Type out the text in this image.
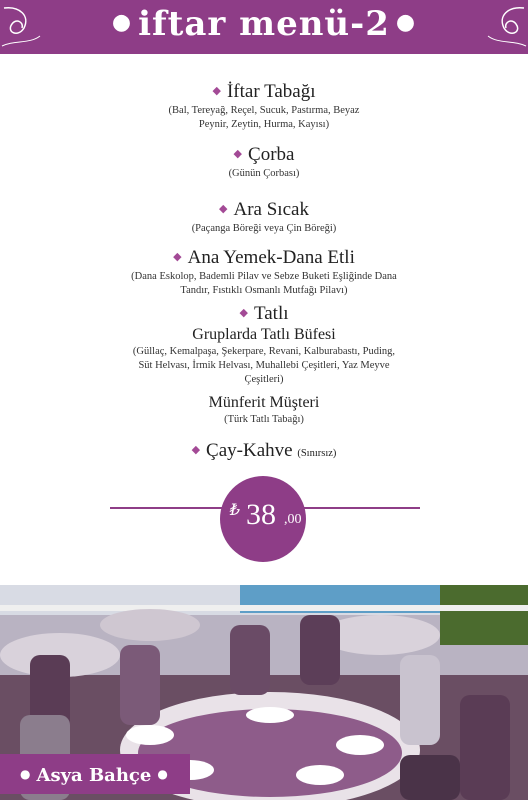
● iftar menü-2 ●
◆ İftar Tabağı
(Bal, Tereyağ, Reçel, Sucuk, Pastırma, Beyaz Peynir, Zeytin, Hurma, Kayısı)
◆ Çorba
(Günün Çorbası)
◆ Ara Sıcak
(Paçanga Böreği veya Çin Böreği)
◆ Ana Yemek-Dana Etli
(Dana Eskolop, Bademli Pilav ve Sebze Buketi Eşliğinde Dana Tandır, Fıstıklı Osmanlı Mutfağı Pilavı)
◆ Tatlı
Gruplarda Tatlı Büfesi
(Güllaç, Kemalpaşa, Şekerpare, Revani, Kalburabastı, Puding, Süt Helvası, İrmik Helvası, Muhallebi Çeşitleri, Yaz Meyve Çeşitleri)
Münferit Müşteri
(Türk Tatlı Tabağı)
◆ Çay-Kahve (Sınırsız)
₺ 38 ,00
● Asya Bahçe ●
